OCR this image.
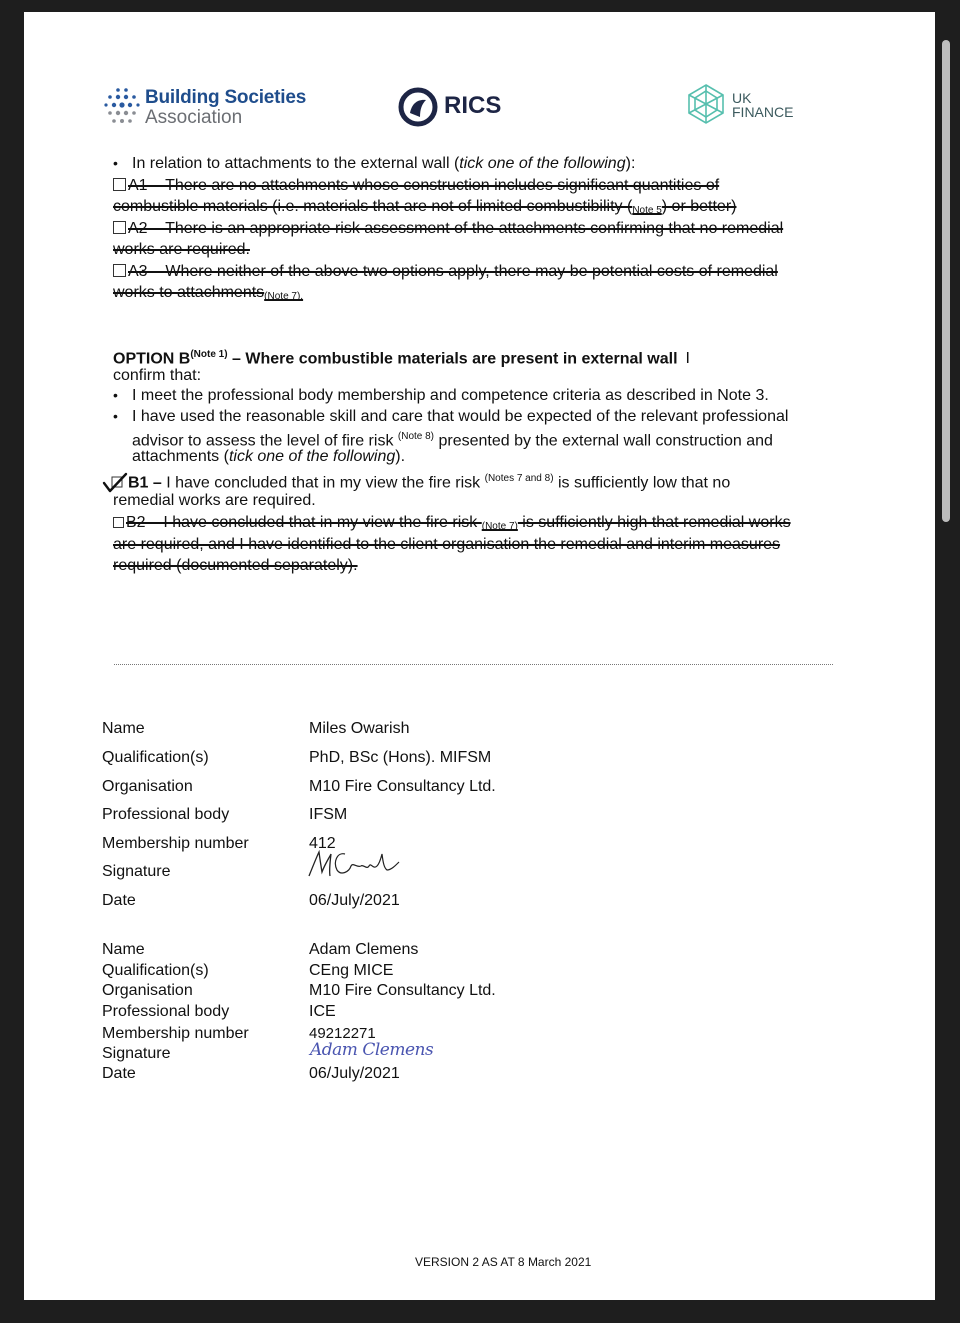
Building Societies
Association	RICS	UK
FINANCE
• In relation to attachments to the external wall (tick one of the following):
A1 – There are no attachments whose construction includes significant quantities of
combustible materials (i.e. materials that are not of limited combustibility $(_{Note 5})$ or better)
A2 – There is an appropriate risk assessment of the attachments confirming that no remedial
works are required.
A3 – Where neither of the above two options apply, there may be potential costs of remedial
works to attachments$_{(Note 7).}$
OPTION $B^{(Note 1)}$ – Where combustible materials are present in external wall I
confirm that:
• I meet the professional body membership and competence criteria as described in Note 3.
• I have used the reasonable skill and care that would be expected of the relevant professional
advisor to assess the level of fire risk $^{(Note 8)}$ presented by the external wall construction and
attachments (tick one of the following).
B1 – I have concluded that in my view the fire risk $^{(Notes 7 and 8)}$ is sufficiently low that no
remedial works are required.
B2 – I have concluded that in my view the fire risk $_{(Note 7)}$ is sufficiently high that remedial works
are required, and I have identified to the client organisation the remedial and interim measures
required (documented separately).
Name	Miles Owarish
Qualification(s)	PhD, BSc (Hons). MIFSM
Organisation	M10 Fire Consultancy Ltd.
Professional body	IFSM
Membership number	412
Signature
Date	06/July/2021
Name	Adam Clemens
Qualification(s)	CEng MICE
Organisation	M10 Fire Consultancy Ltd.
Professional body	ICE
Membership number	49212271
Signature	Adam Clemens
Date	06/July/2021
VERSION 2 AS AT 8 March 2021
